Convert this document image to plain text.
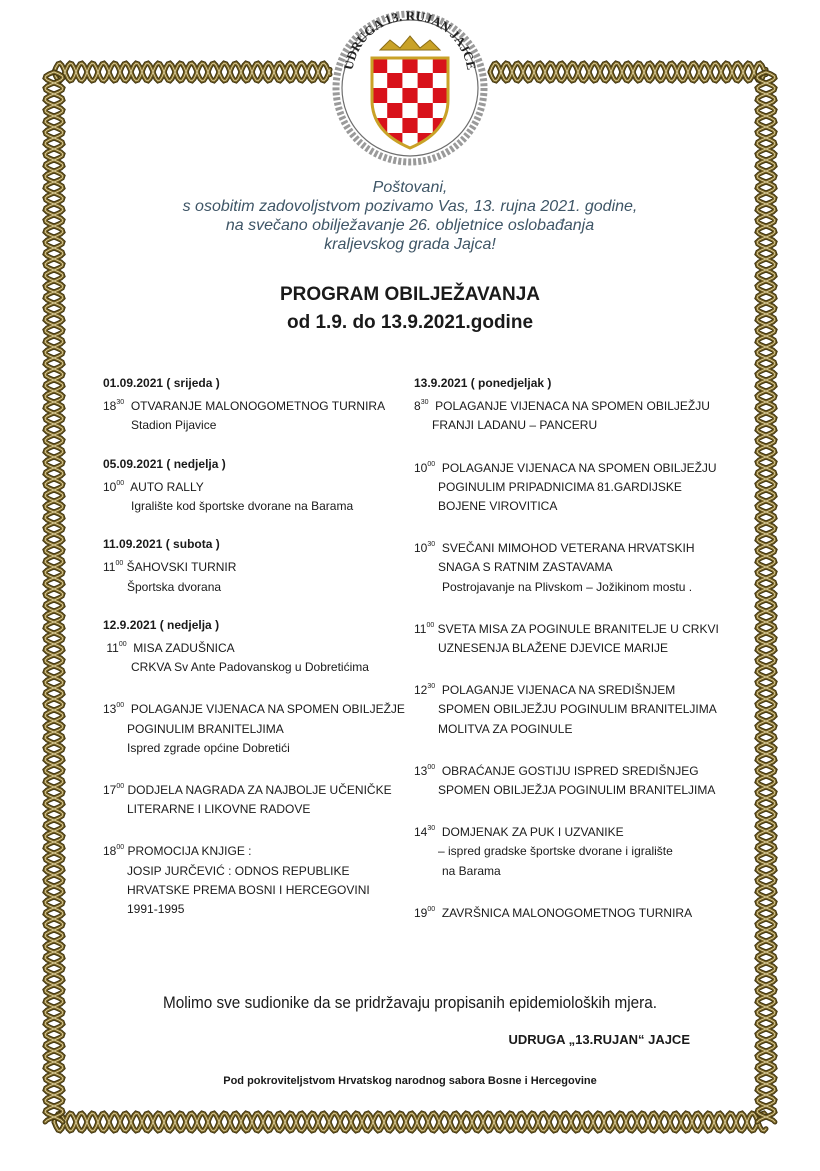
UDRUGA 13. RUJAN JAJCE
Poštovani,
s osobitim zadovoljstvom pozivamo Vas, 13. rujna 2021. godine,
na svečano obilježavanje 26. obljetnice oslobađanja
kraljevskog grada Jajca!
PROGRAM OBILJEŽAVANJA
od 1.9. do 13.9.2021.godine
01.09.2021 ( srijeda )
$18^{30}$ OTVARANJE MALONOGOMETNOG TURNIRA
Stadion Pijavice
05.09.2021 ( nedjelja )
$10^{00}$ AUTO RALLY
Igralište kod športske dvorane na Barama
11.09.2021 ( subota )
$11^{00}$ ŠAHOVSKI TURNIR
Športska dvorana
12.9.2021 ( nedjelja )
$11^{00}$ MISA ZADUŠNICA
CRKVA Sv Ante Padovanskog u Dobretićima
$13^{00}$ POLAGANJE VIJENACA NA SPOMEN OBILJEŽJE
POGINULIM BRANITELJIMA
Ispred zgrade općine Dobretići
$17^{00}$ DODJELA NAGRADA ZA NAJBOLJE UČENIČKE
LITERARNE I LIKOVNE RADOVE
$18^{00}$ PROMOCIJA KNJIGE :
JOSIP JURČEVIĆ : ODNOS REPUBLIKE
HRVATSKE PREMA BOSNI I HERCEGOVINI
1991-1995
13.9.2021 ( ponedjeljak )
$8^{30}$ POLAGANJE VIJENACA NA SPOMEN OBILJEŽJU
FRANJI LADANU – PANCERU
$10^{00}$ POLAGANJE VIJENACA NA SPOMEN OBILJEŽJU
POGINULIM PRIPADNICIMA 81.GARDIJSKE
BOJENE VIROVITICA
$10^{30}$ SVEČANI MIMOHOD VETERANA HRVATSKIH
SNAGA S RATNIM ZASTAVAMA
Postrojavanje na Plivskom – Jožikinom mostu .
$11^{00}$ SVETA MISA ZA POGINULE BRANITELJE U CRKVI
UZNESENJA BLAŽENE DJEVICE MARIJE
$12^{30}$ POLAGANJE VIJENACA NA SREDIŠNJEM
SPOMEN OBILJEŽJU POGINULIM BRANITELJIMA
MOLITVA ZA POGINULE
$13^{00}$ OBRAĆANJE GOSTIJU ISPRED SREDIŠNJEG
SPOMEN OBILJEŽJA POGINULIM BRANITELJIMA
$14^{30}$ DOMJENAK ZA PUK I UZVANIKE
– ispred gradske športske dvorane i igralište
na Barama
$19^{00}$ ZAVRŠNICA MALONOGOMETNOG TURNIRA
Molimo sve sudionike da se pridržavaju propisanih epidemioloških mjera.
UDRUGA „13.RUJAN“ JAJCE
Pod pokroviteljstvom Hrvatskog narodnog sabora Bosne i Hercegovine
